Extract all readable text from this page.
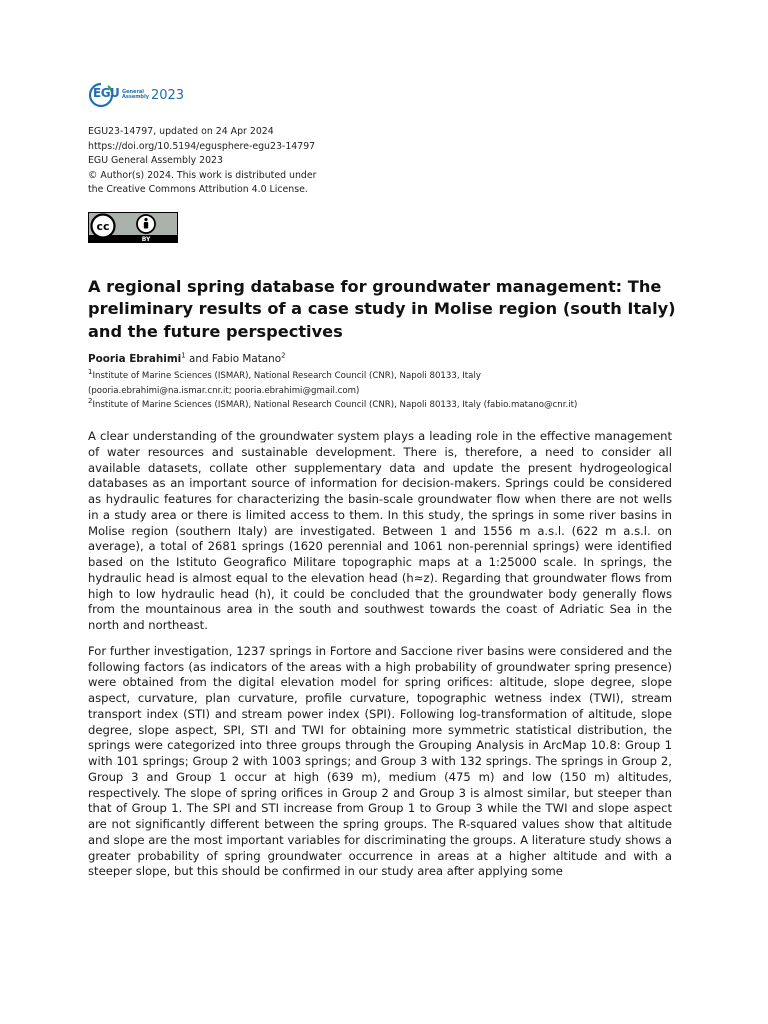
EGU General
Assembly 2023
EGU23-14797, updated on 24 Apr 2024
https://doi.org/10.5194/egusphere-egu23-14797
EGU General Assembly 2023
© Author(s) 2024. This work is distributed under
the Creative Commons Attribution 4.0 License.
cc
BY
A regional spring database for groundwater management: The preliminary results of a case study in Molise region (south Italy) and the future perspectives
Pooria Ebrahimi$^1$ and Fabio Matano$^2$
$^1$Institute of Marine Sciences (ISMAR), National Research Council (CNR), Napoli 80133, Italy
(pooria.ebrahimi@na.ismar.cnr.it; pooria.ebrahimi@gmail.com)
$^2$Institute of Marine Sciences (ISMAR), National Research Council (CNR), Napoli 80133, Italy (fabio.matano@cnr.it)

A clear understanding of the groundwater system plays a leading role in the effective management of water resources and sustainable development. There is, therefore, a need to consider all available datasets, collate other supplementary data and update the present hydrogeological databases as an important source of information for decision-makers. Springs could be considered as hydraulic features for characterizing the basin-scale groundwater flow when there are not wells in a study area or there is limited access to them. In this study, the springs in some river basins in Molise region (southern Italy) are investigated. Between 1 and 1556 m a.s.l. (622 m a.s.l. on average), a total of 2681 springs (1620 perennial and 1061 non-perennial springs) were identified based on the Istituto Geografico Militare topographic maps at a 1:25000 scale. In springs, the hydraulic head is almost equal to the elevation head (h≈z). Regarding that groundwater flows from high to low hydraulic head (h), it could be concluded that the groundwater body generally flows from the mountainous area in the south and southwest towards the coast of Adriatic Sea in the north and northeast.

For further investigation, 1237 springs in Fortore and Saccione river basins were considered and the following factors (as indicators of the areas with a high probability of groundwater spring presence) were obtained from the digital elevation model for spring orifices: altitude, slope degree, slope aspect, curvature, plan curvature, profile curvature, topographic wetness index (TWI), stream transport index (STI) and stream power index (SPI). Following log-transformation of altitude, slope degree, slope aspect, SPI, STI and TWI for obtaining more symmetric statistical distribution, the springs were categorized into three groups through the Grouping Analysis in ArcMap 10.8: Group 1 with 101 springs; Group 2 with 1003 springs; and Group 3 with 132 springs. The springs in Group 2, Group 3 and Group 1 occur at high (639 m), medium (475 m) and low (150 m) altitudes, respectively. The slope of spring orifices in Group 2 and Group 3 is almost similar, but steeper than that of Group 1. The SPI and STI increase from Group 1 to Group 3 while the TWI and slope aspect are not significantly different between the spring groups. The R-squared values show that altitude and slope are the most important variables for discriminating the groups. A literature study shows a greater probability of spring groundwater occurrence in areas at a higher altitude and with a steeper slope, but this should be confirmed in our study area after applying some
